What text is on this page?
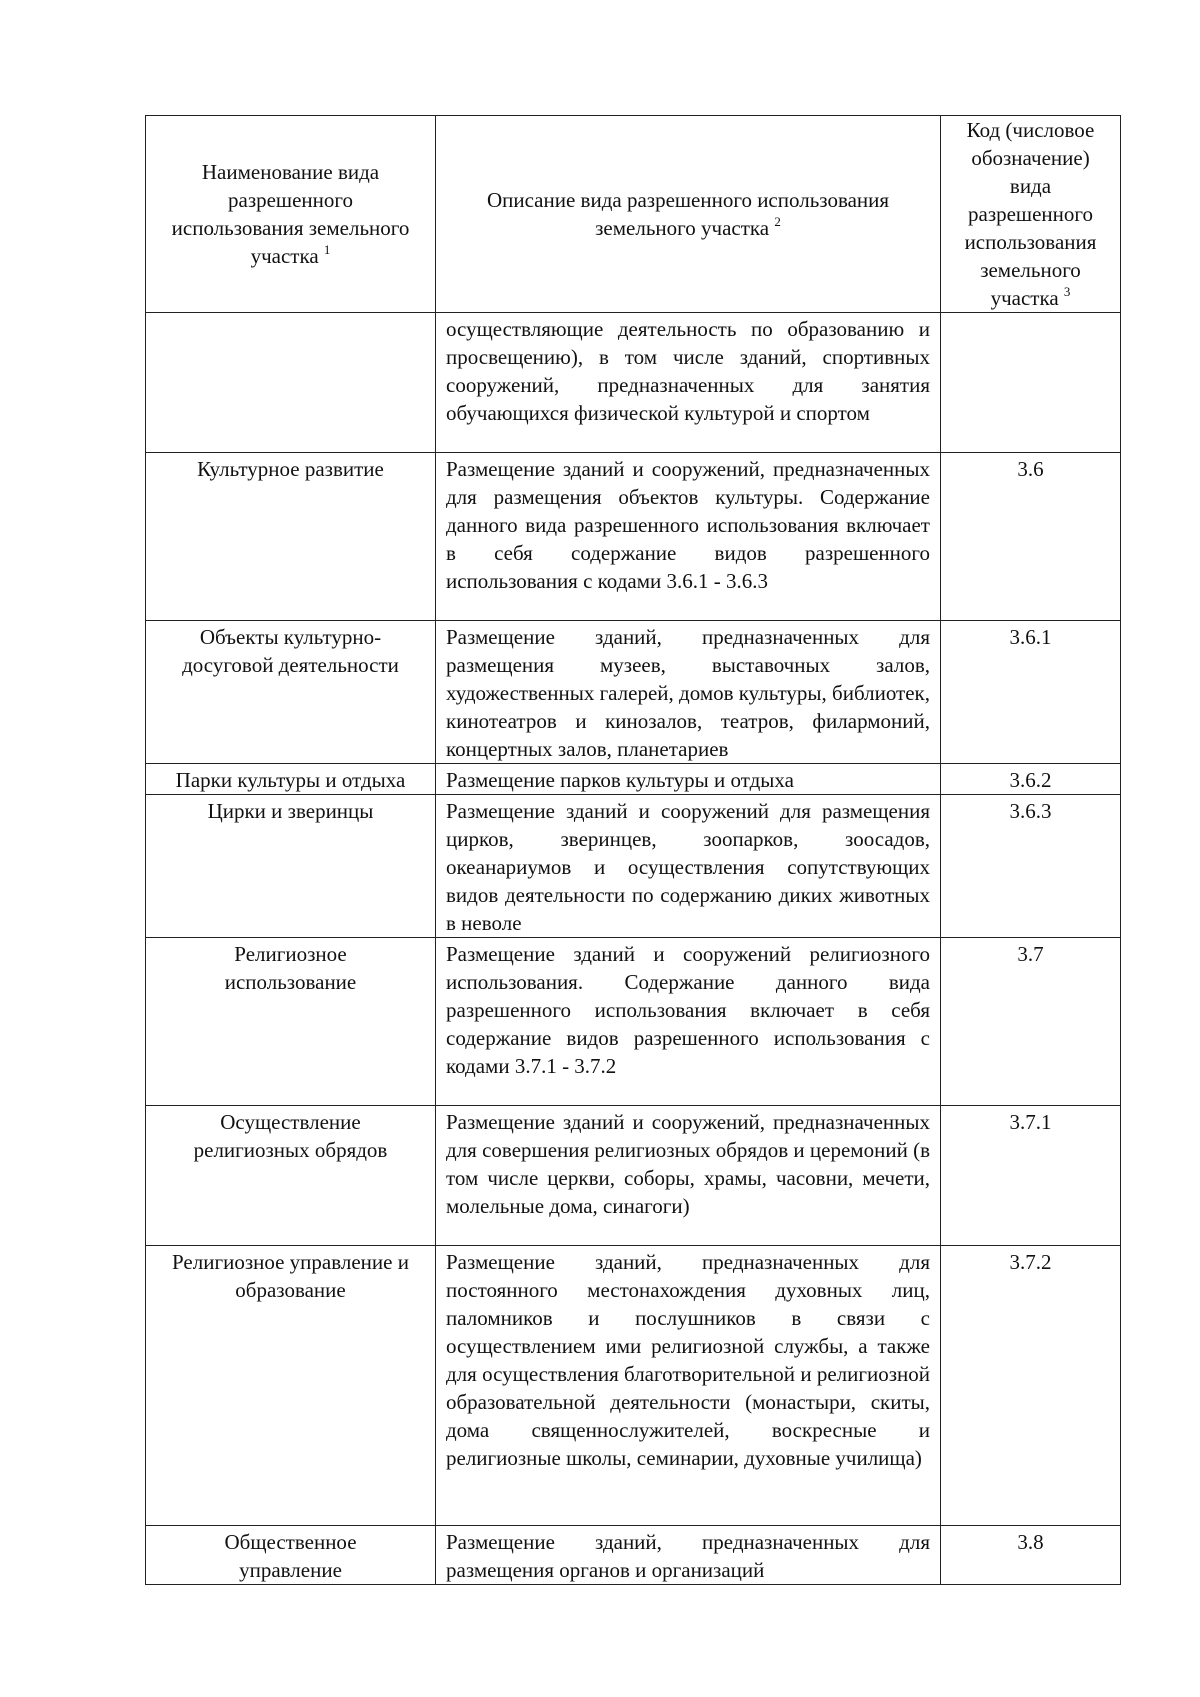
Наименование вида разрешенного использования земельного участка $^1$	Описание вида разрешенного использования земельного участка $^2$	Код (числовое обозначение) вида разрешенного использования земельного участка $^3$
	осуществляющие деятельность по образованию и просвещению), в том числе зданий, спортивных сооружений, предназначенных для занятия обучающихся физической культурой и спортом	
Культурное развитие	Размещение зданий и сооружений, предназначенных для размещения объектов культуры. Содержание данного вида разрешенного использования включает в себя содержание видов разрешенного использования с кодами 3.6.1 - 3.6.3	3.6
Объекты культурно-досуговой деятельности	Размещение зданий, предназначенных для размещения музеев, выставочных залов, художественных галерей, домов культуры, библиотек, кинотеатров и кинозалов, театров, филармоний, концертных залов, планетариев	3.6.1
Парки культуры и отдыха	Размещение парков культуры и отдыха	3.6.2
Цирки и зверинцы	Размещение зданий и сооружений для размещения цирков, зверинцев, зоопарков, зоосадов, океанариумов и осуществления сопутствующих видов деятельности по содержанию диких животных в неволе	3.6.3
Религиозное использование	Размещение зданий и сооружений религиозного использования. Содержание данного вида разрешенного использования включает в себя содержание видов разрешенного использования с кодами 3.7.1 - 3.7.2	3.7
Осуществление религиозных обрядов	Размещение зданий и сооружений, предназначенных для совершения религиозных обрядов и церемоний (в том числе церкви, соборы, храмы, часовни, мечети, молельные дома, синагоги)	3.7.1
Религиозное управление и образование	Размещение зданий, предназначенных для постоянного местонахождения духовных лиц, паломников и послушников в связи с осуществлением ими религиозной службы, а также для осуществления благотворительной и религиозной образовательной деятельности (монастыри, скиты, дома священнослужителей, воскресные и религиозные школы, семинарии, духовные училища)	3.7.2
Общественное управление	Размещение зданий, предназначенных для размещения органов и организаций	3.8
